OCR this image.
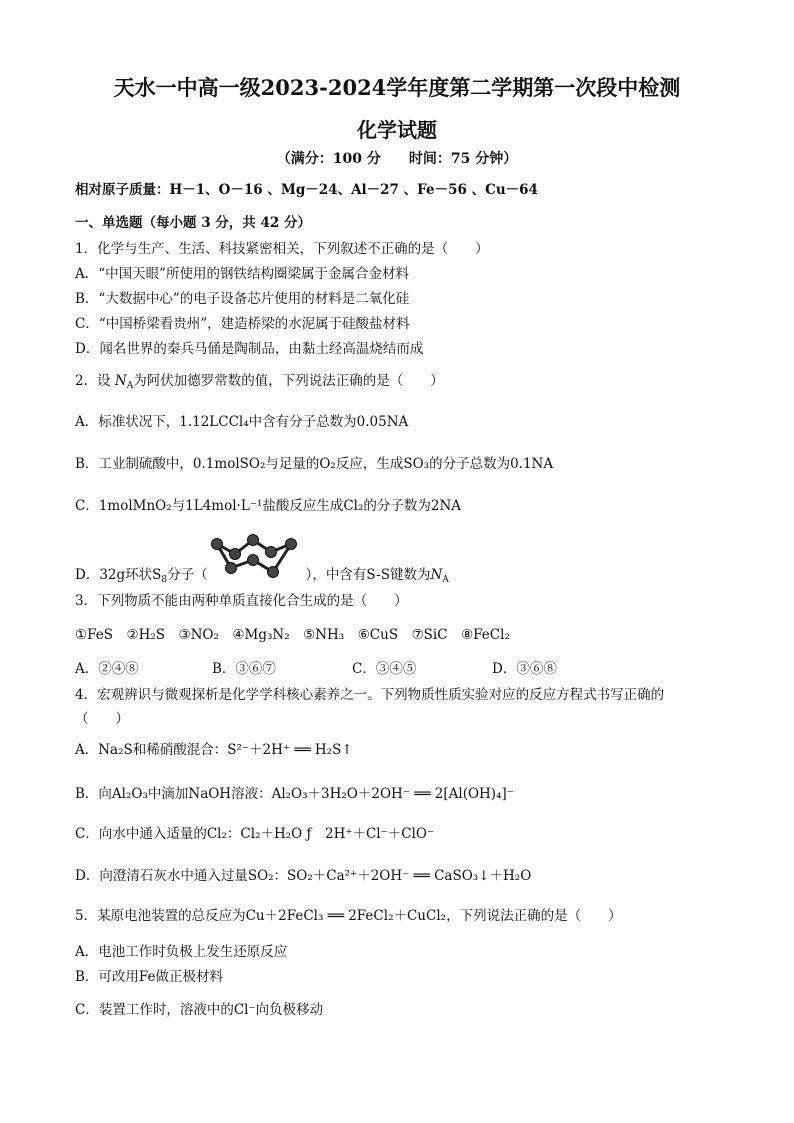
天水一中高一级2023-2024学年度第二学期第一次段中检测
化学试题
（满分：100 分　　时间：75 分钟）
相对原子质量：H－1、O－16 、Mg－24、Al－27 、Fe－56 、Cu－64
一、单选题（每小题 3 分，共 42 分）
1．化学与生产、生活、科技紧密相关，下列叙述不正确的是（　　）
A．“中国天眼”所使用的钢铁结构圈梁属于金属合金材料
B．“大数据中心”的电子设备芯片使用的材料是二氧化硅
C．“中国桥梁看贵州”，建造桥梁的水泥属于硅酸盐材料
D．闻名世界的秦兵马俑是陶制品，由黏土经高温烧结而成
2．设 $N_A$为阿伏加德罗常数的值，下列说法正确的是（　　）
A．标准状况下，1.12LCCl₄中含有分子总数为0.05NA
B．工业制硫酸中，0.1molSO₂与足量的O₂反应，生成SO₃的分子总数为0.1NA
C．1molMnO₂与1L4mol·L⁻¹盐酸反应生成Cl₂的分子数为2NA
D．32g环状$S_8$分子（	），中含有S-S键数为$N_A$
3．下列物质不能由两种单质直接化合生成的是（　　）
①FeS　②H₂S　③NO₂　④Mg₃N₂　⑤NH₃　⑥CuS　⑦SiC　⑧FeCl₂
A．②④⑧	B．③⑥⑦	C．③④⑤	D．③⑥⑧
4．宏观辨识与微观探析是化学学科核心素养之一。下列物质性质实验对应的反应方程式书写正确的
（　　）
A．Na₂S和稀硝酸混合：S²⁻＋2H⁺ ══ H₂S↑
B．向Al₂O₃中滴加NaOH溶液：Al₂O₃＋3H₂O＋2OH⁻ ══ 2[Al(OH)₄]⁻
C．向水中通入适量的Cl₂：Cl₂＋H₂O ƒ　2H⁺＋Cl⁻＋ClO⁻
D．向澄清石灰水中通入过量SO₂：SO₂＋Ca²⁺＋2OH⁻ ══ CaSO₃↓＋H₂O
5．某原电池装置的总反应为Cu＋2FeCl₃ ══ 2FeCl₂＋CuCl₂，下列说法正确的是（　　）
A．电池工作时负极上发生还原反应
B．可改用Fe做正极材料
C．装置工作时，溶液中的Cl⁻向负极移动
